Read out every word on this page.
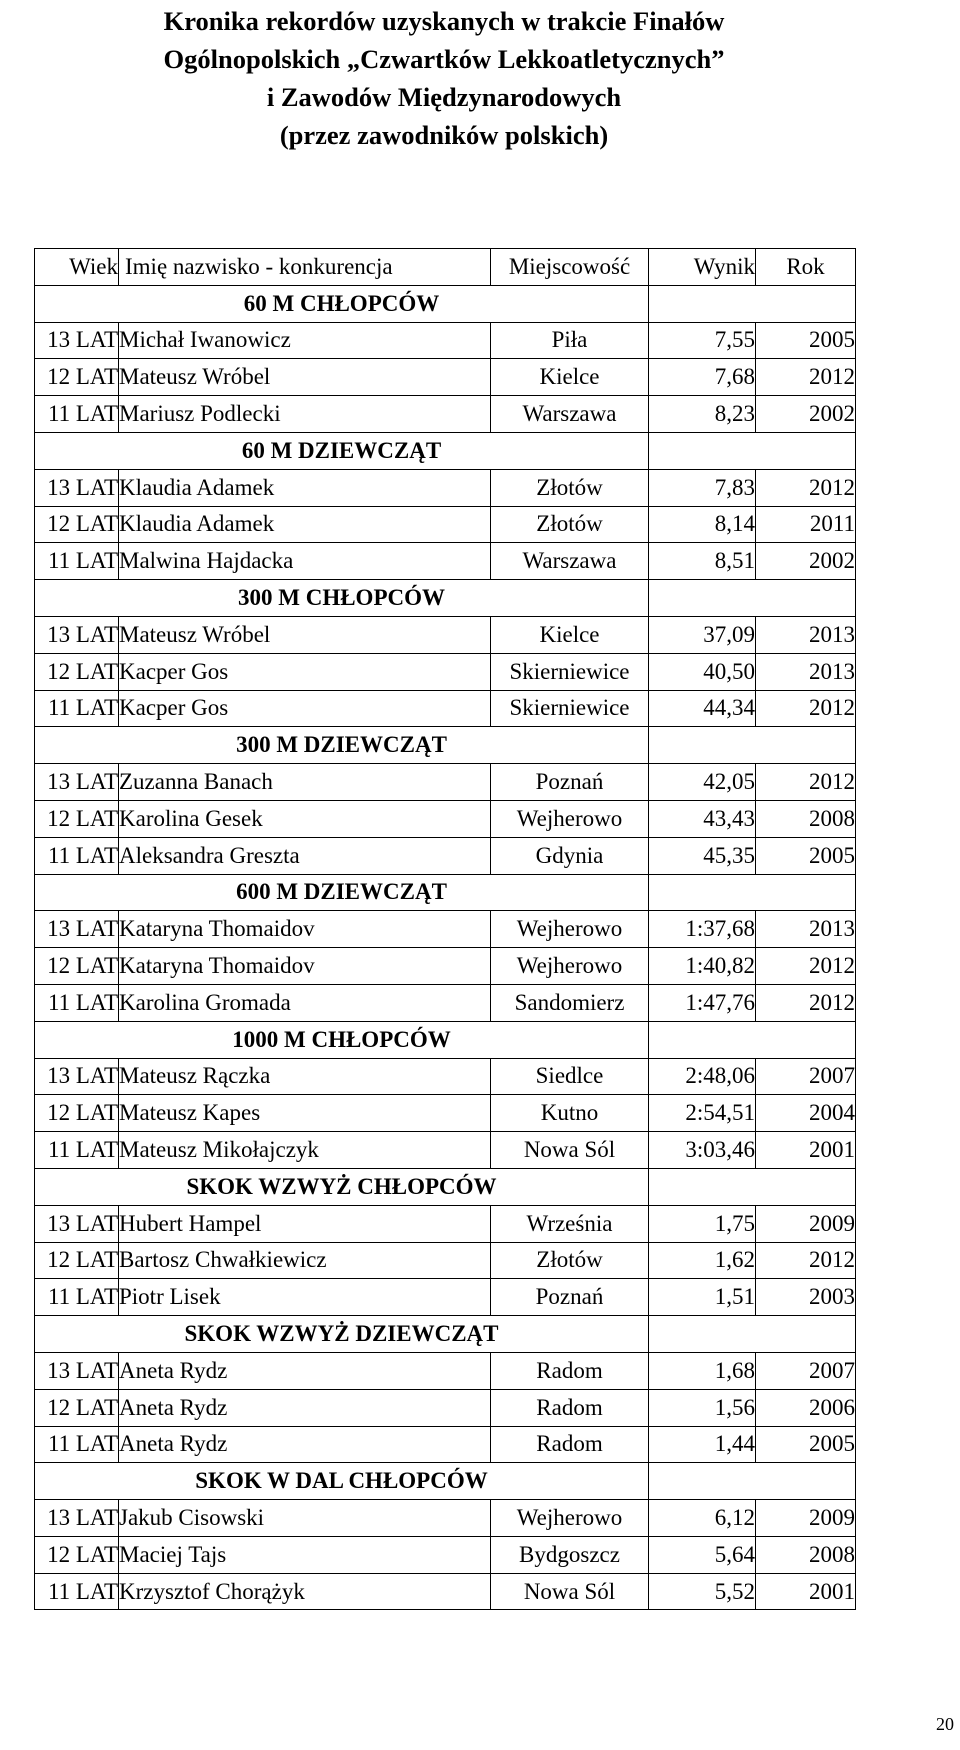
Kronika rekordów uzyskanych w trakcie Finałów
Ogólnopolskich „Czwartków Lekkoatletycznych”
i Zawodów Międzynarodowych
(przez zawodników polskich)
Wiek	Imię nazwisko - konkurencja	Miejscowość	Wynik	Rok
60 M CHŁOPCÓW				
13 LAT	Michał Iwanowicz	Piła	7,55	2005
12 LAT	Mateusz Wróbel	Kielce	7,68	2012
11 LAT	Mariusz Podlecki	Warszawa	8,23	2002
60 M DZIEWCZĄT				
13 LAT	Klaudia Adamek	Złotów	7,83	2012
12 LAT	Klaudia Adamek	Złotów	8,14	2011
11 LAT	Malwina Hajdacka	Warszawa	8,51	2002
300 M CHŁOPCÓW				
13 LAT	Mateusz Wróbel	Kielce	37,09	2013
12 LAT	Kacper Gos	Skierniewice	40,50	2013
11 LAT	Kacper Gos	Skierniewice	44,34	2012
300 M DZIEWCZĄT				
13 LAT	Zuzanna Banach	Poznań	42,05	2012
12 LAT	Karolina Gesek	Wejherowo	43,43	2008
11 LAT	Aleksandra Greszta	Gdynia	45,35	2005
600 M DZIEWCZĄT				
13 LAT	Kataryna Thomaidov	Wejherowo	1:37,68	2013
12 LAT	Kataryna Thomaidov	Wejherowo	1:40,82	2012
11 LAT	Karolina Gromada	Sandomierz	1:47,76	2012
1000 M CHŁOPCÓW				
13 LAT	Mateusz Rączka	Siedlce	2:48,06	2007
12 LAT	Mateusz Kapes	Kutno	2:54,51	2004
11 LAT	Mateusz Mikołajczyk	Nowa Sól	3:03,46	2001
SKOK WZWYŻ CHŁOPCÓW				
13 LAT	Hubert Hampel	Września	1,75	2009
12 LAT	Bartosz Chwałkiewicz	Złotów	1,62	2012
11 LAT	Piotr Lisek	Poznań	1,51	2003
SKOK WZWYŻ DZIEWCZĄT				
13 LAT	Aneta Rydz	Radom	1,68	2007
12 LAT	Aneta Rydz	Radom	1,56	2006
11 LAT	Aneta Rydz	Radom	1,44	2005
SKOK W DAL CHŁOPCÓW				
13 LAT	Jakub Cisowski	Wejherowo	6,12	2009
12 LAT	Maciej Tajs	Bydgoszcz	5,64	2008
11 LAT	Krzysztof Chorążyk	Nowa Sól	5,52	2001
20
